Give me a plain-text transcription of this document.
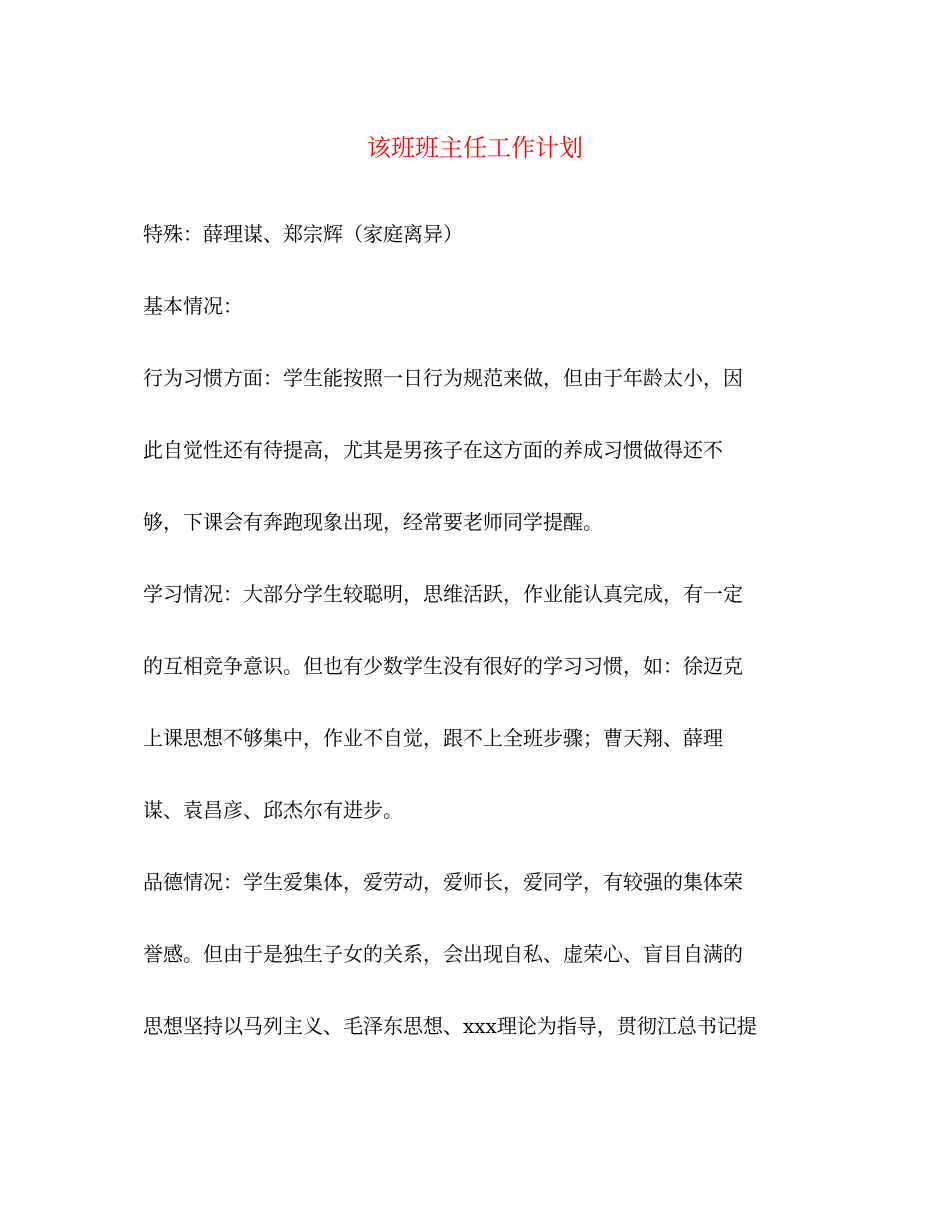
该班班主任工作计划
特殊：薛理谋、郑宗辉（家庭离异）
基本情况：
行为习惯方面：学生能按照一日行为规范来做，但由于年龄太小，因
此自觉性还有待提高，尤其是男孩子在这方面的养成习惯做得还不
够，下课会有奔跑现象出现，经常要老师同学提醒。
学习情况：大部分学生较聪明，思维活跃，作业能认真完成，有一定
的互相竞争意识。但也有少数学生没有很好的学习习惯，如：徐迈克
上课思想不够集中，作业不自觉，跟不上全班步骤；曹天翔、薛理
谋、袁昌彦、邱杰尔有进步。
品德情况：学生爱集体，爱劳动，爱师长，爱同学，有较强的集体荣
誉感。但由于是独生子女的关系，会出现自私、虚荣心、盲目自满的
思想坚持以马列主义、毛泽东思想、xxx理论为指导，贯彻江总书记提
